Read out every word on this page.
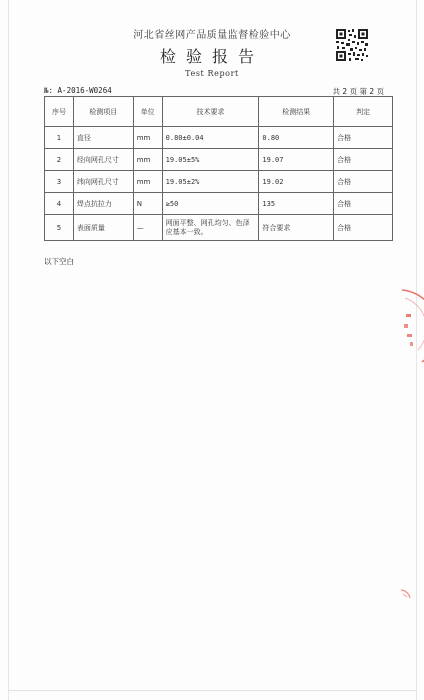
河北省丝网产品质量监督检验中心
检验报告
Test Report
№: A-2016-W0264	共 2 页 第 2 页
序号	检测项目	单位	技术要求	检测结果	判定
1	直径	mm	0.80±0.04	0.80	合格
2	经向网孔尺寸	mm	19.05±5%	19.07	合格
3	纬向网孔尺寸	mm	19.05±2%	19.02	合格
4	焊点抗拉力	N	≥50	135	合格
5	表面质量	—	网面平整、网孔均匀、色泽应基本一致。	符合要求	合格
以下空白
